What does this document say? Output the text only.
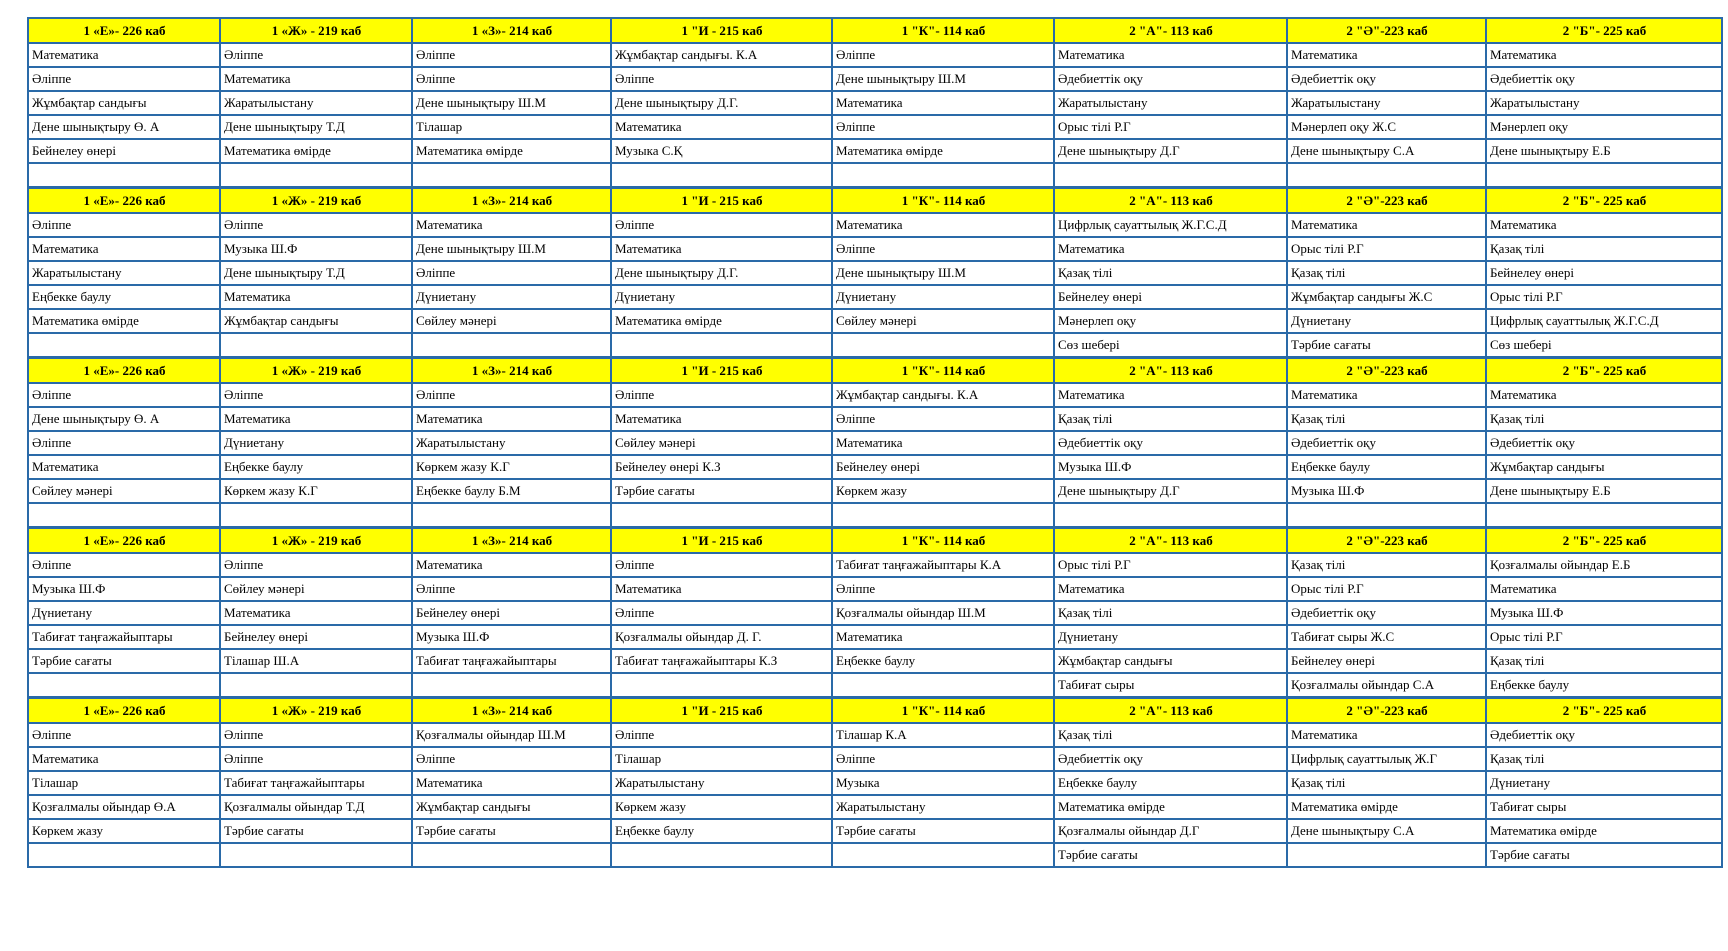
1 «Е»- 226 каб	1 «Ж» - 219 каб	1 «З»- 214 каб	1 "И - 215 каб	1 "К"- 114 каб	2 "А"- 113 каб	2 "Ә"-223 каб	2 "Б"- 225 каб
Математика	Әліппе	Әліппе	Жұмбақтар сандығы. К.А	Әліппе	Математика	Математика	Математика
Әліппе	Математика	Әліппе	Әліппе	Дене шынықтыру Ш.М	Әдебиеттік оқу	Әдебиеттік оқу	Әдебиеттік оқу
Жұмбақтар сандығы	Жаратылыстану	Дене шынықтыру Ш.М	Дене шынықтыру Д.Г.	Математика	Жаратылыстану	Жаратылыстану	Жаратылыстану
Дене шынықтыру Ө. А	Дене шынықтыру Т.Д	Тілашар	Математика	Әліппе	Орыс тілі Р.Г	Мәнерлеп оқу Ж.С	Мәнерлеп оқу
Бейнелеу өнері	Математика өмірде	Математика өмірде	Музыка С.Қ	Математика өмірде	Дене шынықтыру Д.Г	Дене шынықтыру С.А	Дене шынықтыру Е.Б

1 «Е»- 226 каб	1 «Ж» - 219 каб	1 «З»- 214 каб	1 "И - 215 каб	1 "К"- 114 каб	2 "А"- 113 каб	2 "Ә"-223 каб	2 "Б"- 225 каб
Әліппе	Әліппе	Математика	Әліппе	Математика	Цифрлық сауаттылық Ж.Г.С.Д	Математика	Математика
Математика	Музыка Ш.Ф	Дене шынықтыру Ш.М	Математика	Әліппе	Математика	Орыс тілі Р.Г	Қазақ тілі
Жаратылыстану	Дене шынықтыру Т.Д	Әліппе	Дене шынықтыру Д.Г.	Дене шынықтыру Ш.М	Қазақ тілі	Қазақ тілі	Бейнелеу өнері
Еңбекке баулу	Математика	Дүниетану	Дүниетану	Дүниетану	Бейнелеу өнері	Жұмбақтар сандығы Ж.С	Орыс тілі Р.Г
Математика өмірде	Жұмбақтар сандығы	Сөйлеу мәнері	Математика өмірде	Сөйлеу мәнері	Мәнерлеп оқу	Дүниетану	Цифрлық сауаттылық Ж.Г.С.Д
					Сөз шебері	Тәрбие сағаты	Сөз шебері
1 «Е»- 226 каб	1 «Ж» - 219 каб	1 «З»- 214 каб	1 "И - 215 каб	1 "К"- 114 каб	2 "А"- 113 каб	2 "Ә"-223 каб	2 "Б"- 225 каб
Әліппе	Әліппе	Әліппе	Әліппе	Жұмбақтар сандығы. К.А	Математика	Математика	Математика
Дене шынықтыру Ө. А	Математика	Математика	Математика	Әліппе	Қазақ тілі	Қазақ тілі	Қазақ тілі
Әліппе	Дүниетану	Жаратылыстану	Сөйлеу мәнері	Математика	Әдебиеттік оқу	Әдебиеттік оқу	Әдебиеттік оқу
Математика	Еңбекке баулу	Көркем жазу К.Г	Бейнелеу өнері К.З	Бейнелеу өнері	Музыка Ш.Ф	Еңбекке баулу	Жұмбақтар сандығы
Сөйлеу мәнері	Көркем жазу К.Г	Еңбекке баулу Б.М	Тәрбие сағаты	Көркем жазу	Дене шынықтыру Д.Г	Музыка Ш.Ф	Дене шынықтыру Е.Б

1 «Е»- 226 каб	1 «Ж» - 219 каб	1 «З»- 214 каб	1 "И - 215 каб	1 "К"- 114 каб	2 "А"- 113 каб	2 "Ә"-223 каб	2 "Б"- 225 каб
Әліппе	Әліппе	Математика	Әліппе	Табиғат таңғажайыптары К.А	Орыс тілі Р.Г	Қазақ тілі	Қозғалмалы ойындар Е.Б
Музыка Ш.Ф	Сөйлеу мәнері	Әліппе	Математика	Әліппе	Математика	Орыс тілі Р.Г	Математика
Дүниетану	Математика	Бейнелеу өнері	Әліппе	Қозғалмалы ойындар Ш.М	Қазақ тілі	Әдебиеттік оқу	Музыка Ш.Ф
Табиғат таңғажайыптары	Бейнелеу өнері	Музыка Ш.Ф	Қозғалмалы ойындар Д. Г.	Математика	Дүниетану	Табиғат сыры Ж.С	Орыс тілі Р.Г
Тәрбие сағаты	Тілашар Ш.А	Табиғат таңғажайыптары	Табиғат таңғажайыптары К.З	Еңбекке баулу	Жұмбақтар сандығы	Бейнелеу өнері	Қазақ тілі
					Табиғат сыры	Қозғалмалы ойындар С.А	Еңбекке баулу
1 «Е»- 226 каб	1 «Ж» - 219 каб	1 «З»- 214 каб	1 "И - 215 каб	1 "К"- 114 каб	2 "А"- 113 каб	2 "Ә"-223 каб	2 "Б"- 225 каб
Әліппе	Әліппе	Қозғалмалы ойындар Ш.М	Әліппе	Тілашар К.А	Қазақ тілі	Математика	Әдебиеттік оқу
Математика	Әліппе	Әліппе	Тілашар	Әліппе	Әдебиеттік оқу	Цифрлық сауаттылық Ж.Г	Қазақ тілі
Тілашар	Табиғат таңғажайыптары	Математика	Жаратылыстану	Музыка	Еңбекке баулу	Қазақ тілі	Дүниетану
Қозғалмалы ойындар Ө.А	Қозғалмалы ойындар Т.Д	Жұмбақтар сандығы	Көркем жазу	Жаратылыстану	Математика өмірде	Математика өмірде	Табиғат сыры
Көркем жазу	Тәрбие сағаты	Тәрбие сағаты	Еңбекке баулу	Тәрбие сағаты	Қозғалмалы ойындар Д.Г	Дене шынықтыру С.А	Математика өмірде
					Тәрбие сағаты		Тәрбие сағаты
